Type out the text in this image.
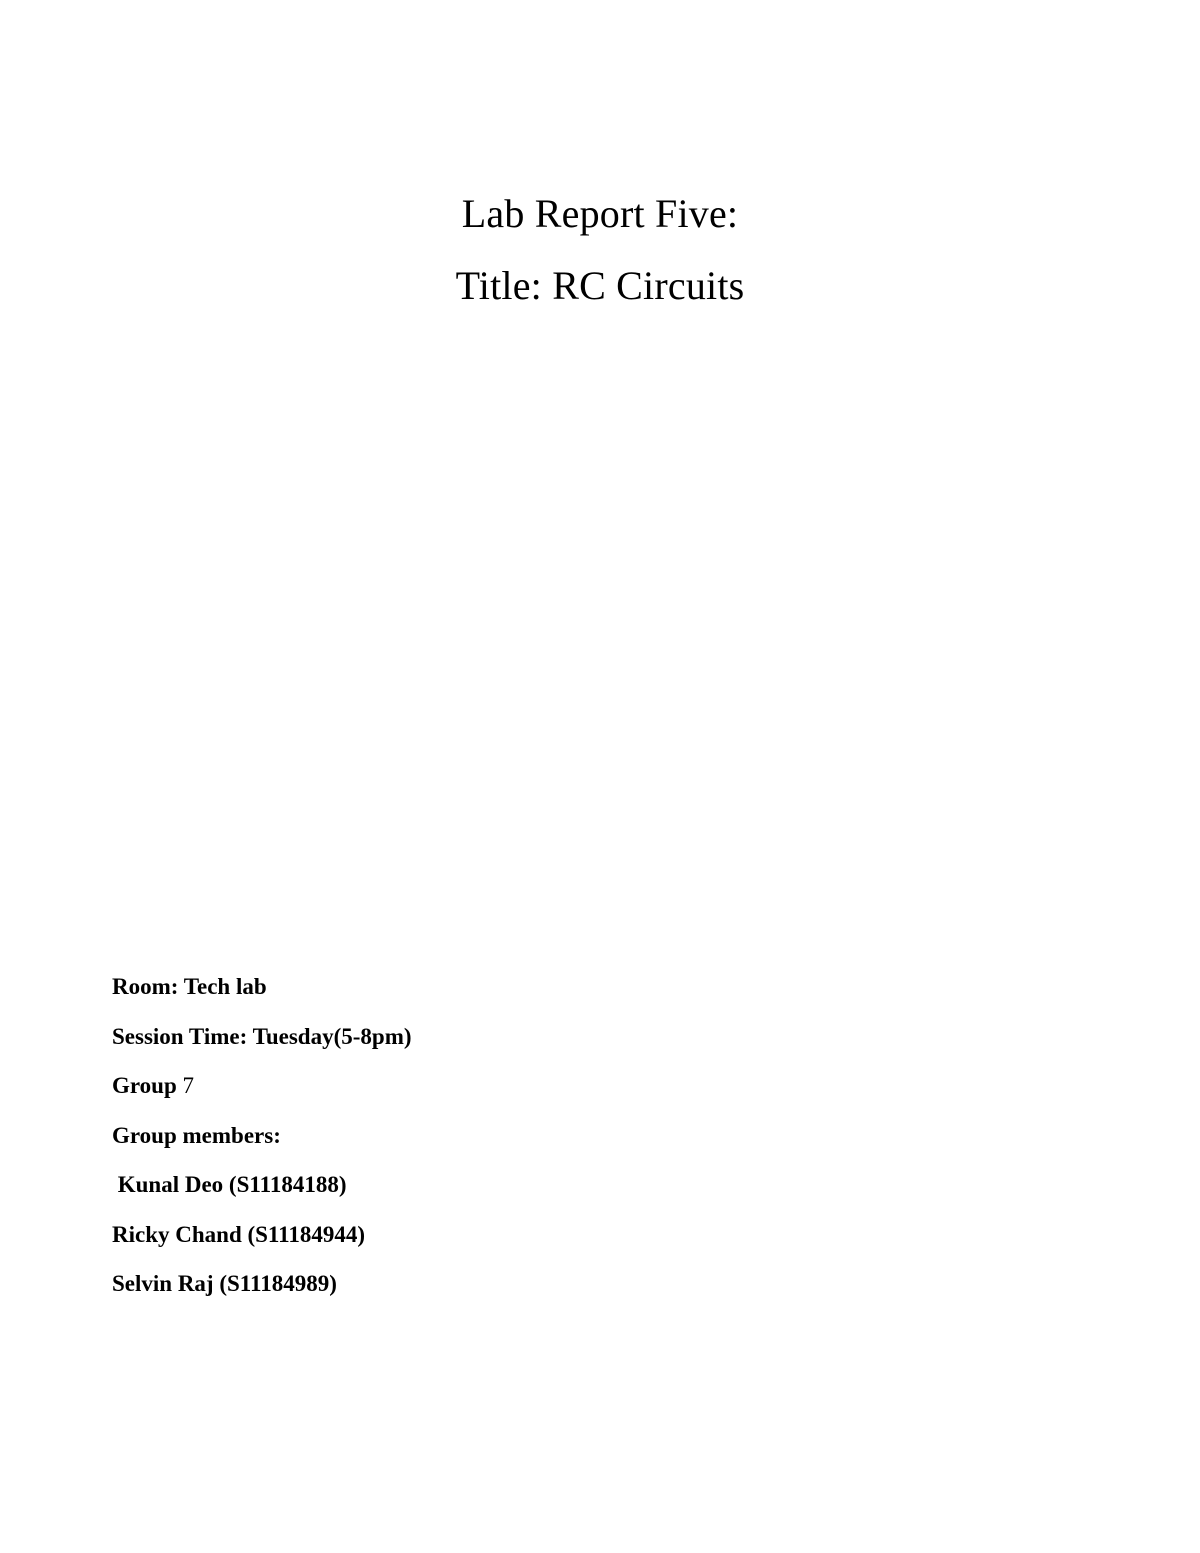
Lab Report Five:
Title: RC Circuits
Room: Tech lab
Session Time: Tuesday(5-8pm)
Group 7
Group members:
Kunal Deo (S11184188)
Ricky Chand (S11184944)
Selvin Raj (S11184989)
